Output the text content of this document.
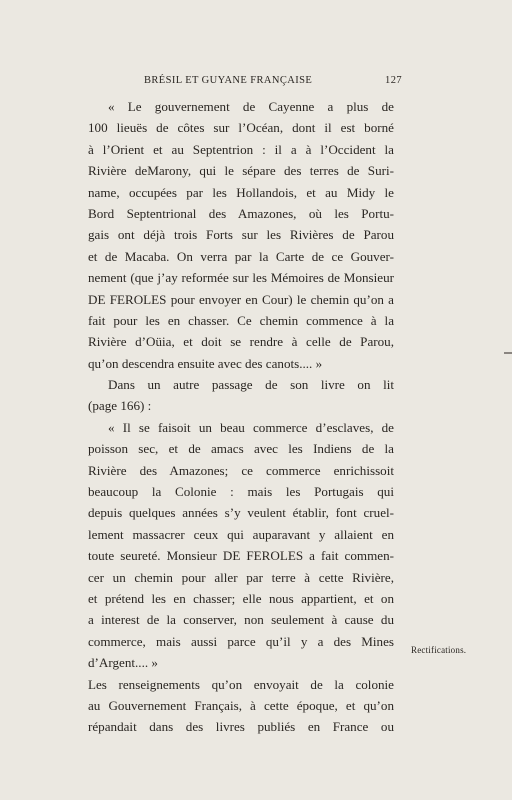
BRÉSIL ET GUYANE FRANÇAISE	127
« Le gouvernement de Cayenne a plus de
100 lieuës de côtes sur l’Océan, dont il est borné
à l’Orient et au Septentrion : il a à l’Occident la
Rivière deMarony, qui le sépare des terres de Suri-
name, occupées par les Hollandois, et au Midy le
Bord Septentrional des Amazones, où les Portu-
gais ont déjà trois Forts sur les Rivières de Parou
et de Macaba. On verra par la Carte de ce Gouver-
nement (que j’ay reformée sur les Mémoires de Monsieur
DE FEROLES pour envoyer en Cour) le chemin qu’on a
fait pour les en chasser. Ce chemin commence à la
Rivière d’Oüia, et doit se rendre à celle de Parou,
qu’on descendra ensuite avec des canots.... »
Dans un autre passage de son livre on lit
(page 166) :
« Il se faisoit un beau commerce d’esclaves, de
poisson sec, et de amacs avec les Indiens de la
Rivière des Amazones; ce commerce enrichissoit
beaucoup la Colonie : mais les Portugais qui
depuis quelques années s’y veulent établir, font cruel-
lement massacrer ceux qui auparavant y allaient en
toute seureté. Monsieur DE FEROLES a fait commen-
cer un chemin pour aller par terre à cette Rivière,
et prétend les en chasser; elle nous appartient, et on
a interest de la conserver, non seulement à cause du
commerce, mais aussi parce qu’il y a des Mines
d’Argent.... »
Les renseignements qu’on envoyait de la colonie
au Gouvernement Français, à cette époque, et qu’on
répandait dans des livres publiés en France ou
Rectifications.
